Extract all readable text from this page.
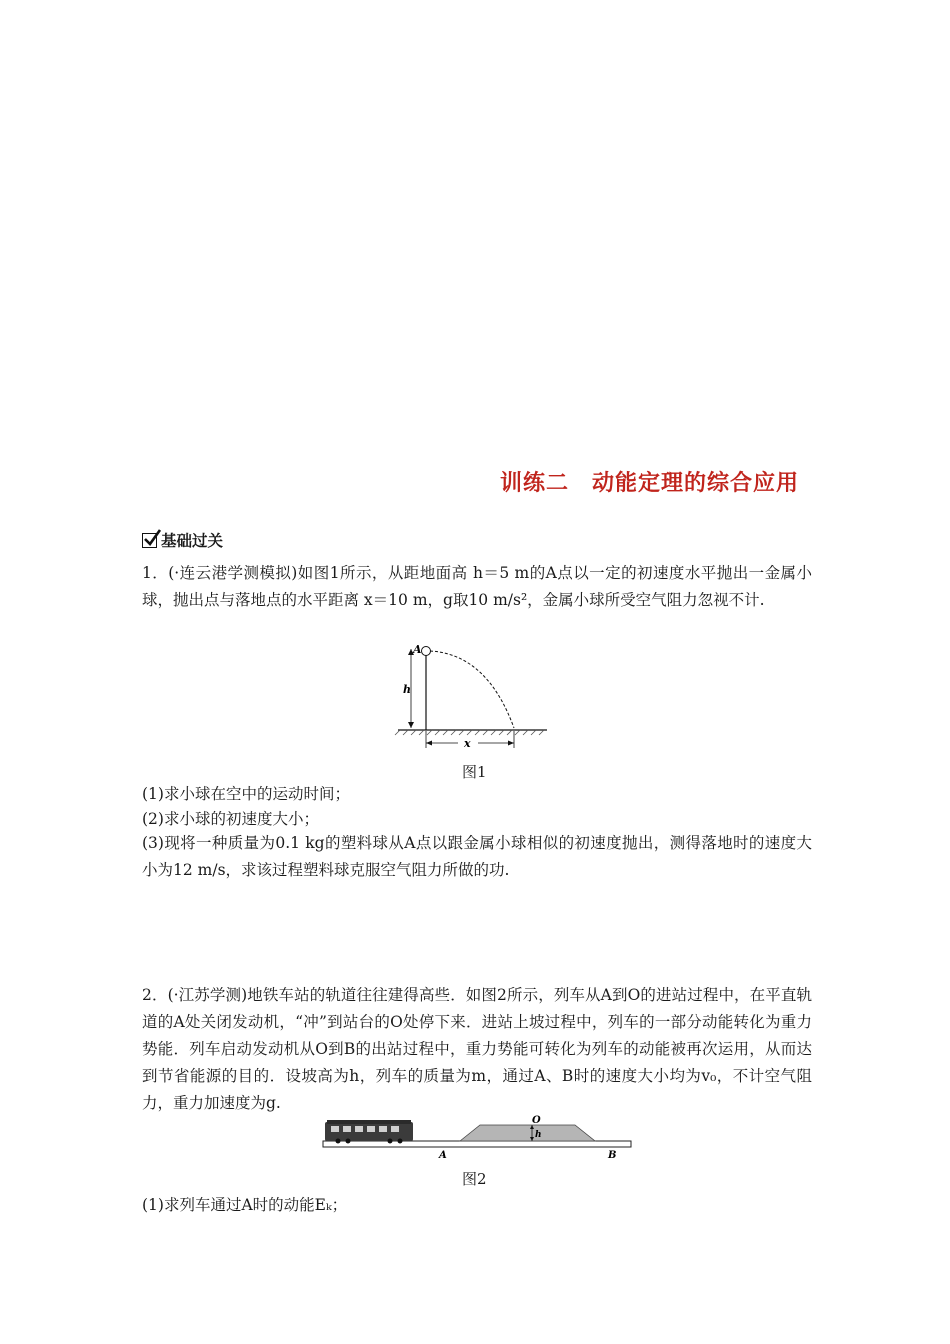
训练二　动能定理的综合应用
基础过关

1．(·连云港学测模拟)如图1所示，从距地面高 h＝5 m的A点以一定的初速度水平抛出一金属小球，抛出点与落地点的水平距离 x＝10 m，g取10 m/s²，金属小球所受空气阻力忽视不计.

A
h
x
图1
(1)求小球在空中的运动时间；
(2)求小球的初速度大小；

(3)现将一种质量为0.1 kg的塑料球从A点以跟金属小球相似的初速度抛出，测得落地时的速度大小为12 m/s，求该过程塑料球克服空气阻力所做的功.

2．(·江苏学测)地铁车站的轨道往往建得高些．如图2所示，列车从A到O的进站过程中，在平直轨道的A处关闭发动机，“冲”到站台的O处停下来．进站上坡过程中，列车的一部分动能转化为重力势能．列车启动发动机从O到B的出站过程中，重力势能可转化为列车的动能被再次运用，从而达到节省能源的目的．设坡高为h，列车的质量为m，通过A、B时的速度大小均为v₀，不计空气阻力，重力加速度为g.

O
h
A	B
图2
(1)求列车通过A时的动能Eₖ；
